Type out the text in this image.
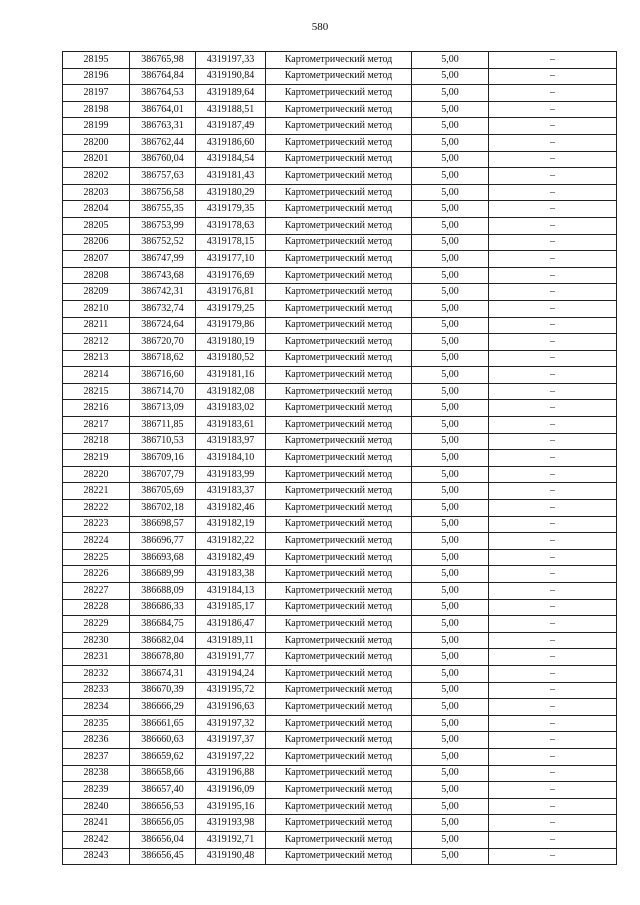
580
28195	386765,98	4319197,33	Картометрический метод	5,00	–
28196	386764,84	4319190,84	Картометрический метод	5,00	–
28197	386764,53	4319189,64	Картометрический метод	5,00	–
28198	386764,01	4319188,51	Картометрический метод	5,00	–
28199	386763,31	4319187,49	Картометрический метод	5,00	–
28200	386762,44	4319186,60	Картометрический метод	5,00	–
28201	386760,04	4319184,54	Картометрический метод	5,00	–
28202	386757,63	4319181,43	Картометрический метод	5,00	–
28203	386756,58	4319180,29	Картометрический метод	5,00	–
28204	386755,35	4319179,35	Картометрический метод	5,00	–
28205	386753,99	4319178,63	Картометрический метод	5,00	–
28206	386752,52	4319178,15	Картометрический метод	5,00	–
28207	386747,99	4319177,10	Картометрический метод	5,00	–
28208	386743,68	4319176,69	Картометрический метод	5,00	–
28209	386742,31	4319176,81	Картометрический метод	5,00	–
28210	386732,74	4319179,25	Картометрический метод	5,00	–
28211	386724,64	4319179,86	Картометрический метод	5,00	–
28212	386720,70	4319180,19	Картометрический метод	5,00	–
28213	386718,62	4319180,52	Картометрический метод	5,00	–
28214	386716,60	4319181,16	Картометрический метод	5,00	–
28215	386714,70	4319182,08	Картометрический метод	5,00	–
28216	386713,09	4319183,02	Картометрический метод	5,00	–
28217	386711,85	4319183,61	Картометрический метод	5,00	–
28218	386710,53	4319183,97	Картометрический метод	5,00	–
28219	386709,16	4319184,10	Картометрический метод	5,00	–
28220	386707,79	4319183,99	Картометрический метод	5,00	–
28221	386705,69	4319183,37	Картометрический метод	5,00	–
28222	386702,18	4319182,46	Картометрический метод	5,00	–
28223	386698,57	4319182,19	Картометрический метод	5,00	–
28224	386696,77	4319182,22	Картометрический метод	5,00	–
28225	386693,68	4319182,49	Картометрический метод	5,00	–
28226	386689,99	4319183,38	Картометрический метод	5,00	–
28227	386688,09	4319184,13	Картометрический метод	5,00	–
28228	386686,33	4319185,17	Картометрический метод	5,00	–
28229	386684,75	4319186,47	Картометрический метод	5,00	–
28230	386682,04	4319189,11	Картометрический метод	5,00	–
28231	386678,80	4319191,77	Картометрический метод	5,00	–
28232	386674,31	4319194,24	Картометрический метод	5,00	–
28233	386670,39	4319195,72	Картометрический метод	5,00	–
28234	386666,29	4319196,63	Картометрический метод	5,00	–
28235	386661,65	4319197,32	Картометрический метод	5,00	–
28236	386660,63	4319197,37	Картометрический метод	5,00	–
28237	386659,62	4319197,22	Картометрический метод	5,00	–
28238	386658,66	4319196,88	Картометрический метод	5,00	–
28239	386657,40	4319196,09	Картометрический метод	5,00	–
28240	386656,53	4319195,16	Картометрический метод	5,00	–
28241	386656,05	4319193,98	Картометрический метод	5,00	–
28242	386656,04	4319192,71	Картометрический метод	5,00	–
28243	386656,45	4319190,48	Картометрический метод	5,00	–
